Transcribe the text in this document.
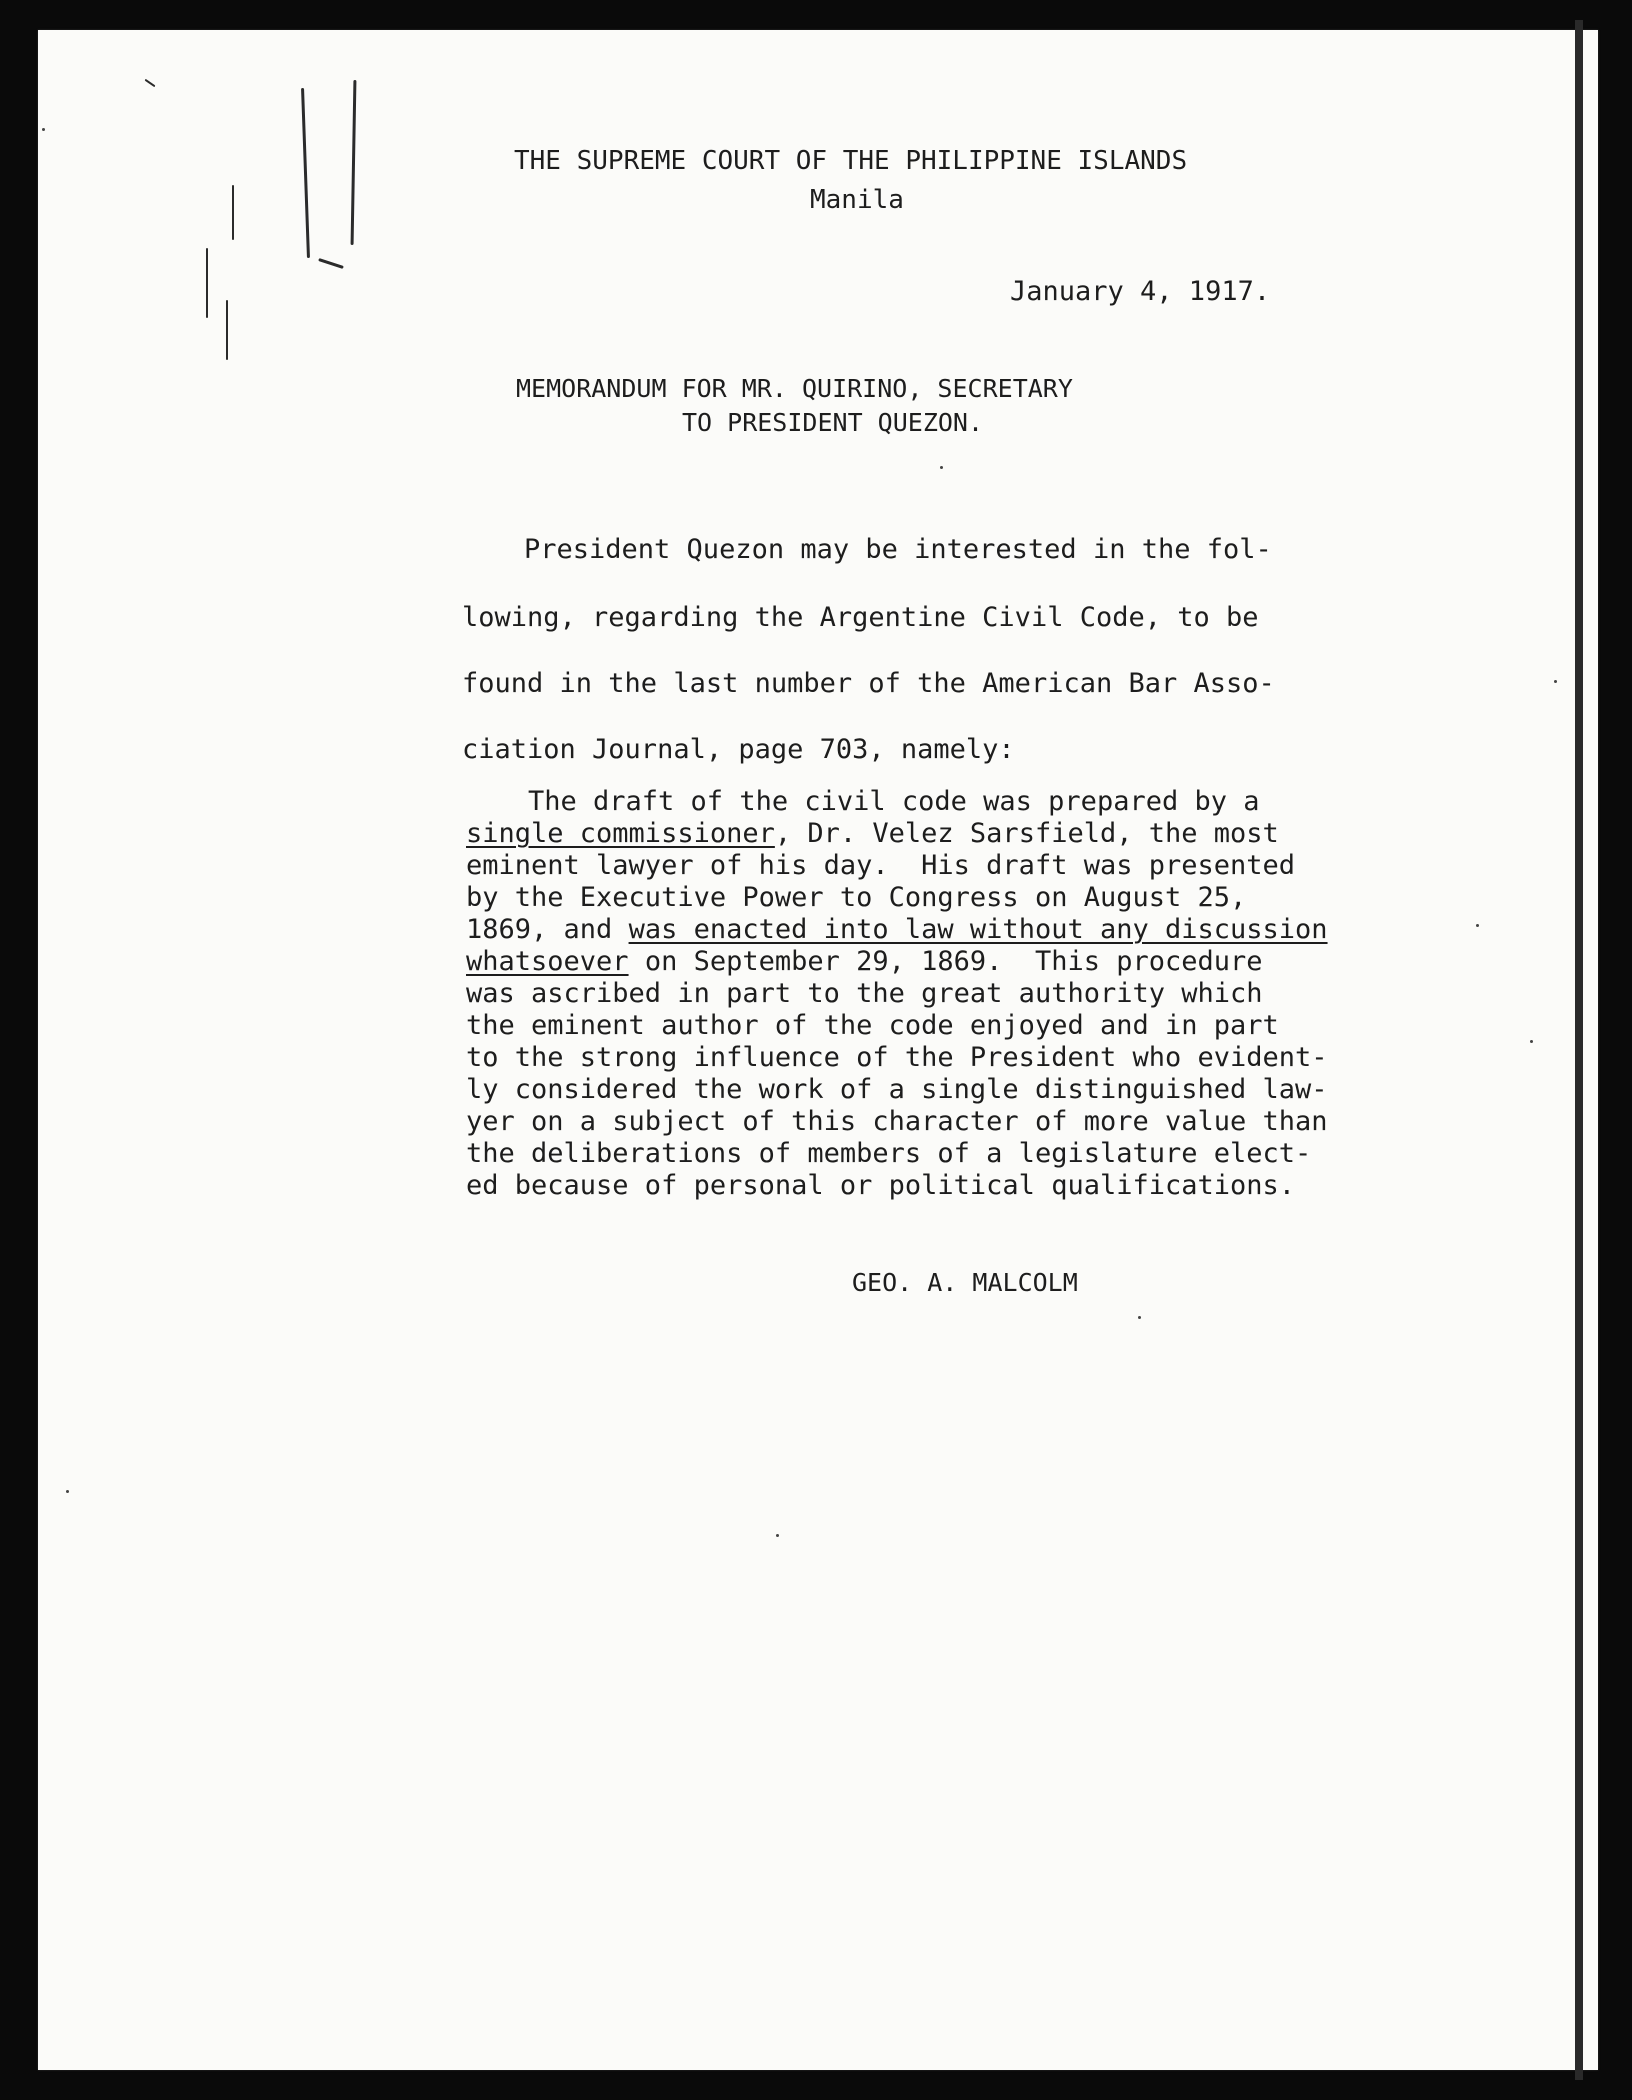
THE SUPREME COURT OF THE PHILIPPINE ISLANDS

Manila

January 4, 1917.

MEMORANDUM FOR MR. QUIRINO, SECRETARY

TO PRESIDENT QUEZON.

President Quezon may be interested in the fol-

lowing, regarding the Argentine Civil Code, to be

found in the last number of the American Bar Asso-

ciation Journal, page 703, namely:

The draft of the civil code was prepared by a

single commissioner, Dr. Velez Sarsfield, the most

eminent lawyer of his day.  His draft was presented

by the Executive Power to Congress on August 25,

1869, and was enacted into law without any discussion

whatsoever on September 29, 1869.  This procedure

was ascribed in part to the great authority which

the eminent author of the code enjoyed and in part

to the strong influence of the President who evident-

ly considered the work of a single distinguished law-

yer on a subject of this character of more value than

the deliberations of members of a legislature elect-

ed because of personal or political qualifications.

GEO. A. MALCOLM
